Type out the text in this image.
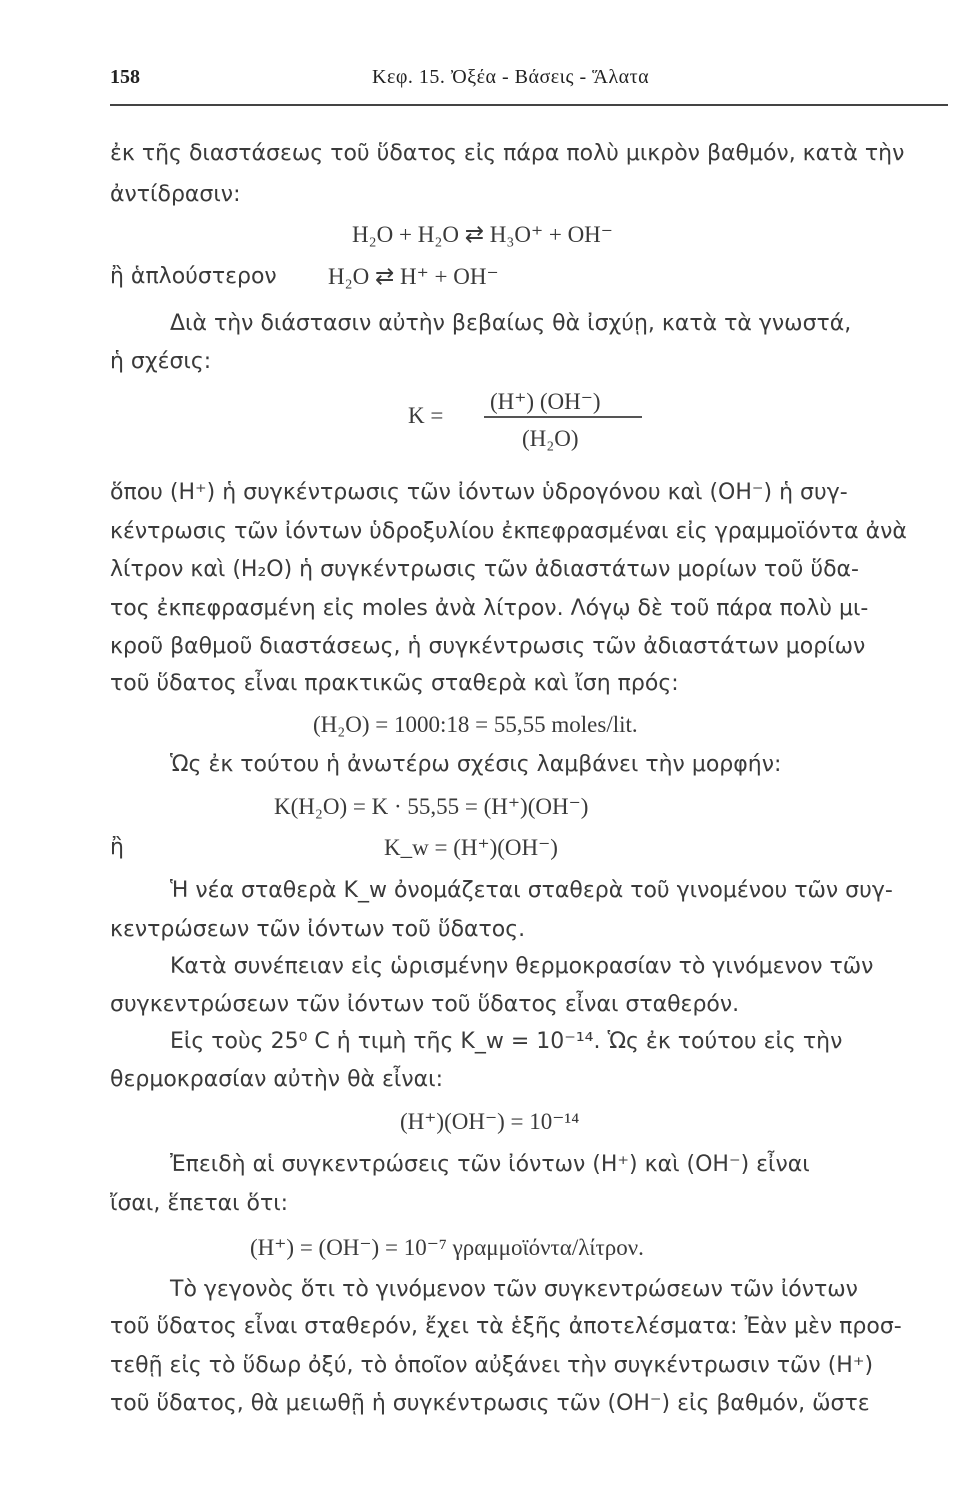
158	Κεφ. 15. Ὀξέα - Βάσεις - Ἅλατα
ἐκ τῆς διαστάσεως τοῦ ὕδατος εἰς πάρα πολὺ μικρὸν βαθμόν, κατὰ τὴν
ἀντίδρασιν:
H₂O + H₂O ⇄ H₃O⁺ + OH⁻
ἢ ἁπλούστερον H₂O ⇄ H⁺ + OH⁻
Διὰ τὴν διάστασιν αὐτὴν βεβαίως θὰ ἰσχύῃ, κατὰ τὰ γνωστά,
ἡ σχέσις:
K =
(H⁺) (OH⁻)
(H₂O)
ὅπου (H⁺) ἡ συγκέντρωσις τῶν ἰόντων ὑδρογόνου καὶ (OH⁻) ἡ συγ-
κέντρωσις τῶν ἰόντων ὑδροξυλίου ἐκπεφρασμέναι εἰς γραμμοϊόντα ἀνὰ
λίτρον καὶ (H₂O) ἡ συγκέντρωσις τῶν ἀδιαστάτων μορίων τοῦ ὕδα-
τος ἐκπεφρασμένη εἰς moles ἀνὰ λίτρον. Λόγῳ δὲ τοῦ πάρα πολὺ μι-
κροῦ βαθμοῦ διαστάσεως, ἡ συγκέντρωσις τῶν ἀδιαστάτων μορίων
τοῦ ὕδατος εἶναι πρακτικῶς σταθερὰ καὶ ἴση πρός:
(H₂O) = 1000:18 = 55,55 moles/lit.
Ὡς ἐκ τούτου ἡ ἀνωτέρω σχέσις λαμβάνει τὴν μορφήν:
K(H₂O) = K · 55,55 = (H⁺)(OH⁻)
ἢ	K_w = (H⁺)(OH⁻)
Ἡ νέα σταθερὰ K_w ὀνομάζεται σταθερὰ τοῦ γινομένου τῶν συγ-
κεντρώσεων τῶν ἰόντων τοῦ ὕδατος.
Κατὰ συνέπειαν εἰς ὡρισμένην θερμοκρασίαν τὸ γινόμενον τῶν
συγκεντρώσεων τῶν ἰόντων τοῦ ὕδατος εἶναι σταθερόν.
Εἰς τοὺς 25⁰ C ἡ τιμὴ τῆς K_w = 10⁻¹⁴. Ὡς ἐκ τούτου εἰς τὴν
θερμοκρασίαν αὐτὴν θὰ εἶναι:
(H⁺)(OH⁻) = 10⁻¹⁴
Ἐπειδὴ αἱ συγκεντρώσεις τῶν ἰόντων (H⁺) καὶ (OH⁻) εἶναι
ἴσαι, ἕπεται ὅτι:
(H⁺) = (OH⁻) = 10⁻⁷ γραμμοϊόντα/λίτρον.
Τὸ γεγονὸς ὅτι τὸ γινόμενον τῶν συγκεντρώσεων τῶν ἰόντων
τοῦ ὕδατος εἶναι σταθερόν, ἔχει τὰ ἑξῆς ἀποτελέσματα: Ἐὰν μὲν προσ-
τεθῇ εἰς τὸ ὕδωρ ὀξύ, τὸ ὁποῖον αὐξάνει τὴν συγκέντρωσιν τῶν (H⁺)
τοῦ ὕδατος, θὰ μειωθῇ ἡ συγκέντρωσις τῶν (OH⁻) εἰς βαθμόν, ὥστε
